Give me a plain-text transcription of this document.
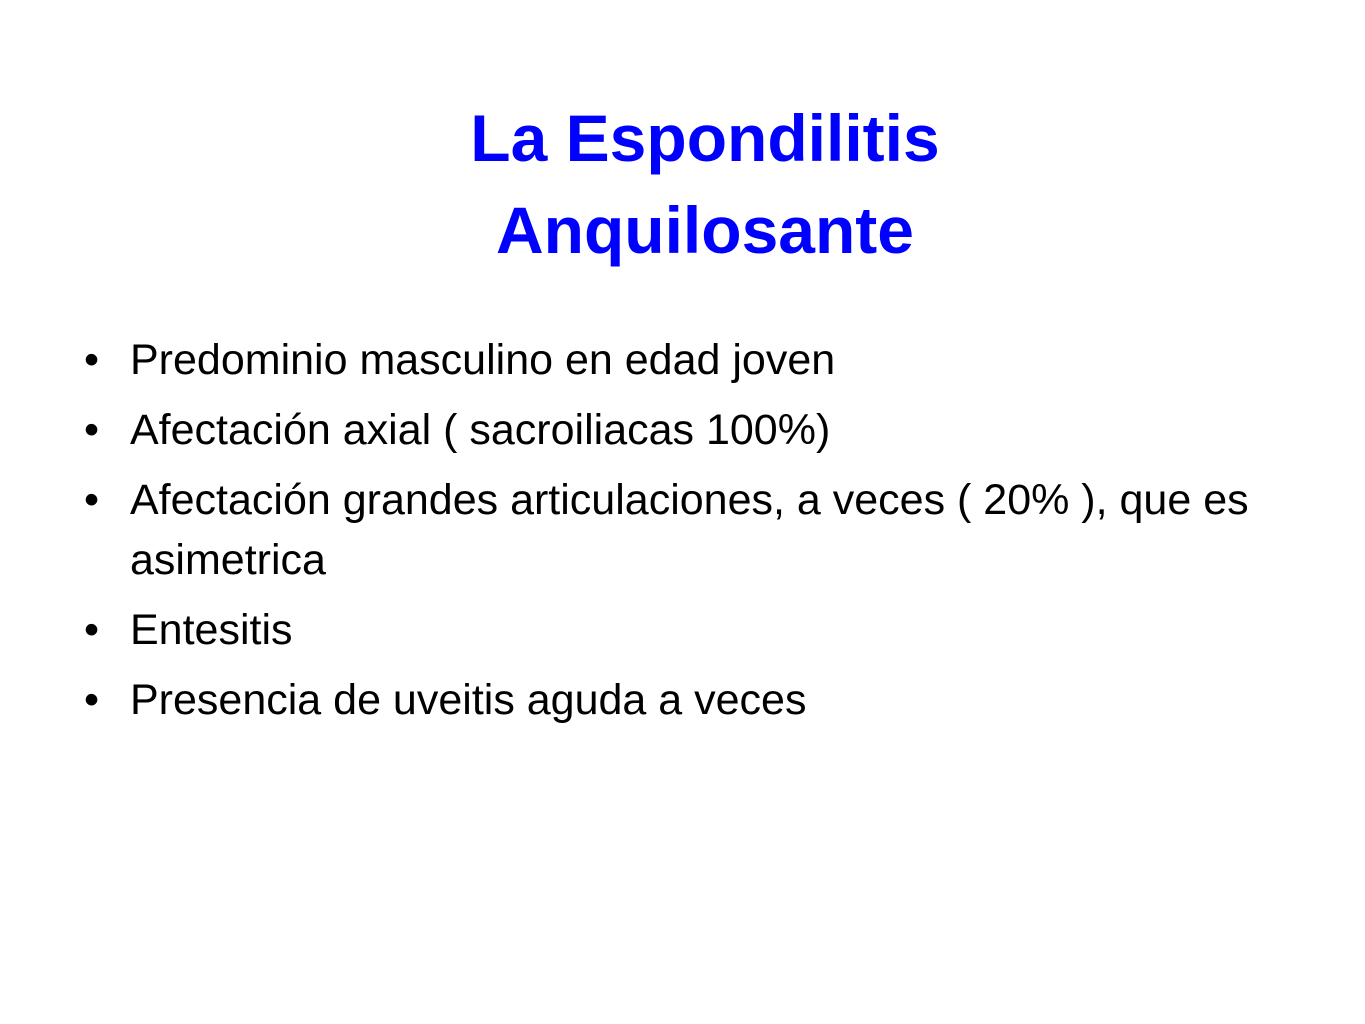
La Espondilitis
Anquilosante
• Predominio masculino en edad joven
• Afectación axial ( sacroiliacas 100%)
• Afectación grandes articulaciones, a veces ( 20% ), que es asimetrica
• Entesitis
• Presencia de uveitis aguda a veces
